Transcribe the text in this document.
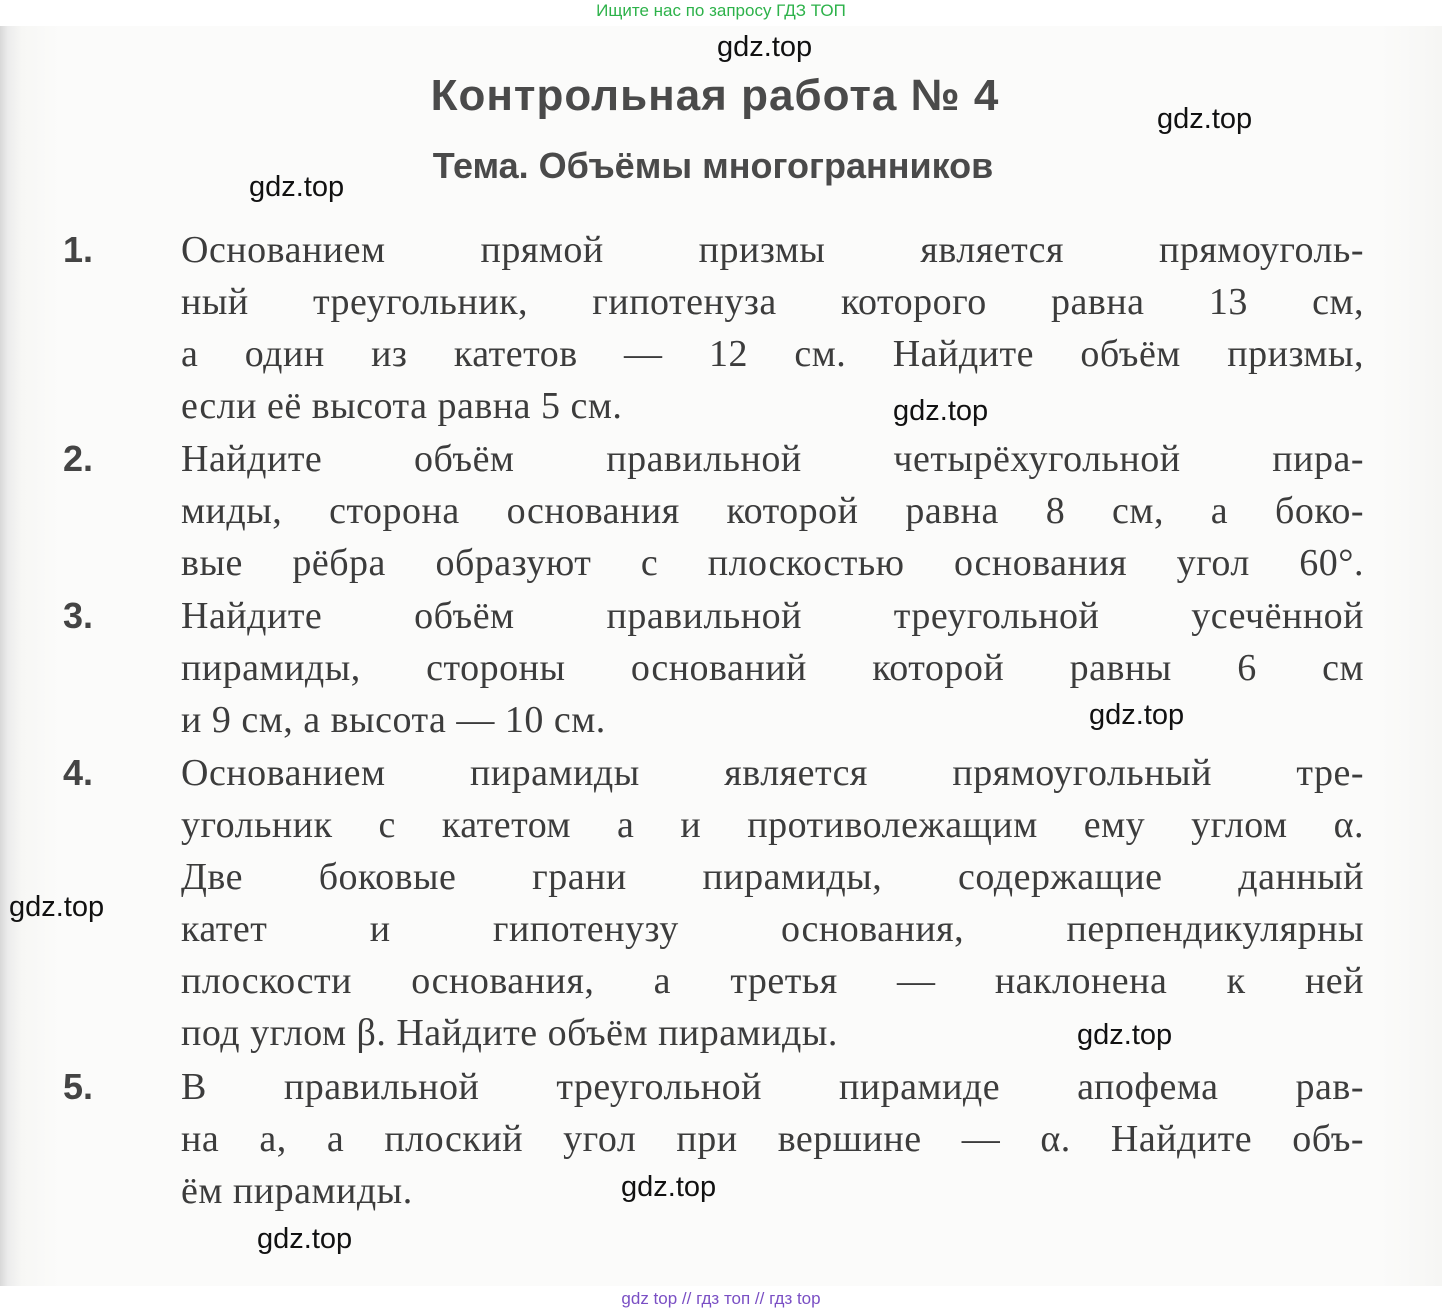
Ищите нас по запросу ГДЗ ТОП
Контрольная работа № 4
Тема. Объёмы многогранников
1. Основанием прямой призмы является прямоуголь-
ный треугольник, гипотенуза которого равна 13 см,
а один из катетов — 12 см. Найдите объём призмы,
если её высота равна 5 см.
2. Найдите объём правильной четырёхугольной пира-
миды, сторона основания которой равна 8 см, а боко-
вые рёбра образуют с плоскостью основания угол 60°.
3. Найдите объём правильной треугольной усечённой
пирамиды, стороны оснований которой равны 6 см
и 9 см, а высота — 10 см.
4. Основанием пирамиды является прямоугольный тре-
угольник с катетом a и противолежащим ему углом α.
Две боковые грани пирамиды, содержащие данный
катет и гипотенузу основания, перпендикулярны
плоскости основания, а третья — наклонена к ней
под углом β. Найдите объём пирамиды.
5. В правильной треугольной пирамиде апофема рав-
на a, а плоский угол при вершине — α. Найдите объ-
ём пирамиды.
gdz.top
gdz.top
gdz.top
gdz.top
gdz.top
gdz.top
gdz.top
gdz.top
gdz.top
gdz top // гдз топ // гдз top
